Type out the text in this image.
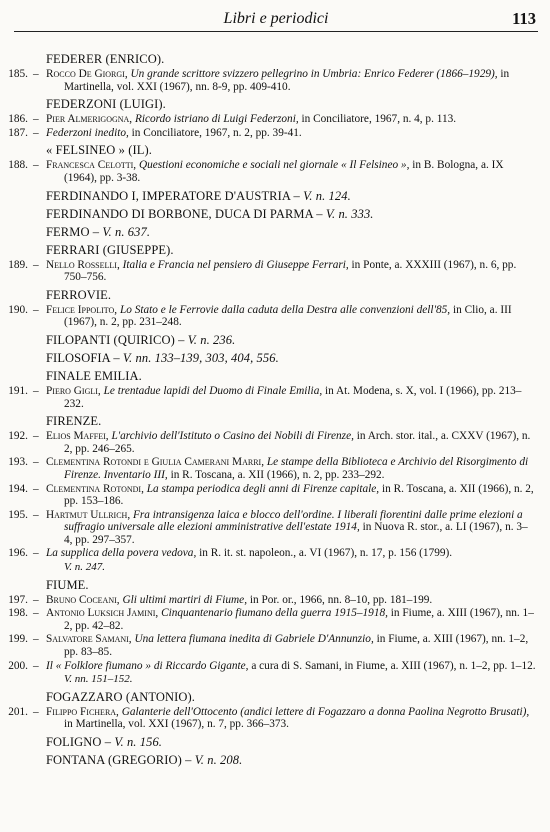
Libri e periodici	113
FEDERER (ENRICO).
185. – Rocco De Giorgi, Un grande scrittore svizzero pellegrino in Umbria: Enrico Federer (1866–1929), in Martinella, vol. XXI (1967), nn. 8-9, pp. 409-410.
FEDERZONI (LUIGI).
186. – Pier Almerigogna, Ricordo istriano di Luigi Federzoni, in Conciliatore, 1967, n. 4, p. 113.
187. – Federzoni inedito, in Conciliatore, 1967, n. 2, pp. 39-41.
« FELSINEO » (IL).
188. – Francesca Celotti, Questioni economiche e sociali nel giornale « Il Felsineo », in B. Bologna, a. IX (1964), pp. 3-38.
FERDINANDO I, IMPERATORE D'AUSTRIA – V. n. 124.
FERDINANDO DI BORBONE, DUCA DI PARMA – V. n. 333.
FERMO – V. n. 637.
FERRARI (GIUSEPPE).
189. – Nello Rosselli, Italia e Francia nel pensiero di Giuseppe Ferrari, in Ponte, a. XXXIII (1967), n. 6, pp. 750–756.
FERROVIE.
190. – Felice Ippolito, Lo Stato e le Ferrovie dalla caduta della Destra alle convenzioni dell'85, in Clio, a. III (1967), n. 2, pp. 231–248.
FILOPANTI (QUIRICO) – V. n. 236.
FILOSOFIA – V. nn. 133–139, 303, 404, 556.
FINALE EMILIA.
191. – Piero Gigli, Le trentadue lapidi del Duomo di Finale Emilia, in At. Modena, s. X, vol. I (1966), pp. 213–232.
FIRENZE.
192. – Elios Maffei, L'archivio dell'Istituto o Casino dei Nobili di Firenze, in Arch. stor. ital., a. CXXV (1967), n. 2, pp. 246–265.
193. – Clementina Rotondi e Giulia Camerani Marri, Le stampe della Biblioteca e Archivio del Risorgimento di Firenze. Inventario III, in R. Toscana, a. XII (1966), n. 2, pp. 233–292.
194. – Clementina Rotondi, La stampa periodica degli anni di Firenze capitale, in R. Toscana, a. XII (1966), n. 2, pp. 153–186.
195. – Hartmut Ullrich, Fra intransigenza laica e blocco dell'ordine. I liberali fiorentini dalle prime elezioni a suffragio universale alle elezioni amministrative dell'estate 1914, in Nuova R. stor., a. LI (1967), n. 3–4, pp. 297–357.
196. – La supplica della povera vedova, in R. it. st. napoleon., a. VI (1967), n. 17, p. 156 (1799).
V. n. 247.
FIUME.
197. – Bruno Coceani, Gli ultimi martiri di Fiume, in Por. or., 1966, nn. 8–10, pp. 181–199.
198. – Antonio Luksich Jamini, Cinquantenario fiumano della guerra 1915–1918, in Fiume, a. XIII (1967), nn. 1–2, pp. 42–82.
199. – Salvatore Samani, Una lettera fiumana inedita di Gabriele D'Annunzio, in Fiume, a. XIII (1967), nn. 1–2, pp. 83–85.
200. – Il « Folklore fiumano » di Riccardo Gigante, a cura di S. Samani, in Fiume, a. XIII (1967), n. 1–2, pp. 1–12.
V. nn. 151–152.
FOGAZZARO (ANTONIO).
201. – Filippo Fichera, Galanterie dell'Ottocento (andici lettere di Fogazzaro a donna Paolina Negrotto Brusati), in Martinella, vol. XXI (1967), n. 7, pp. 366–373.
FOLIGNO – V. n. 156.
FONTANA (GREGORIO) – V. n. 208.
